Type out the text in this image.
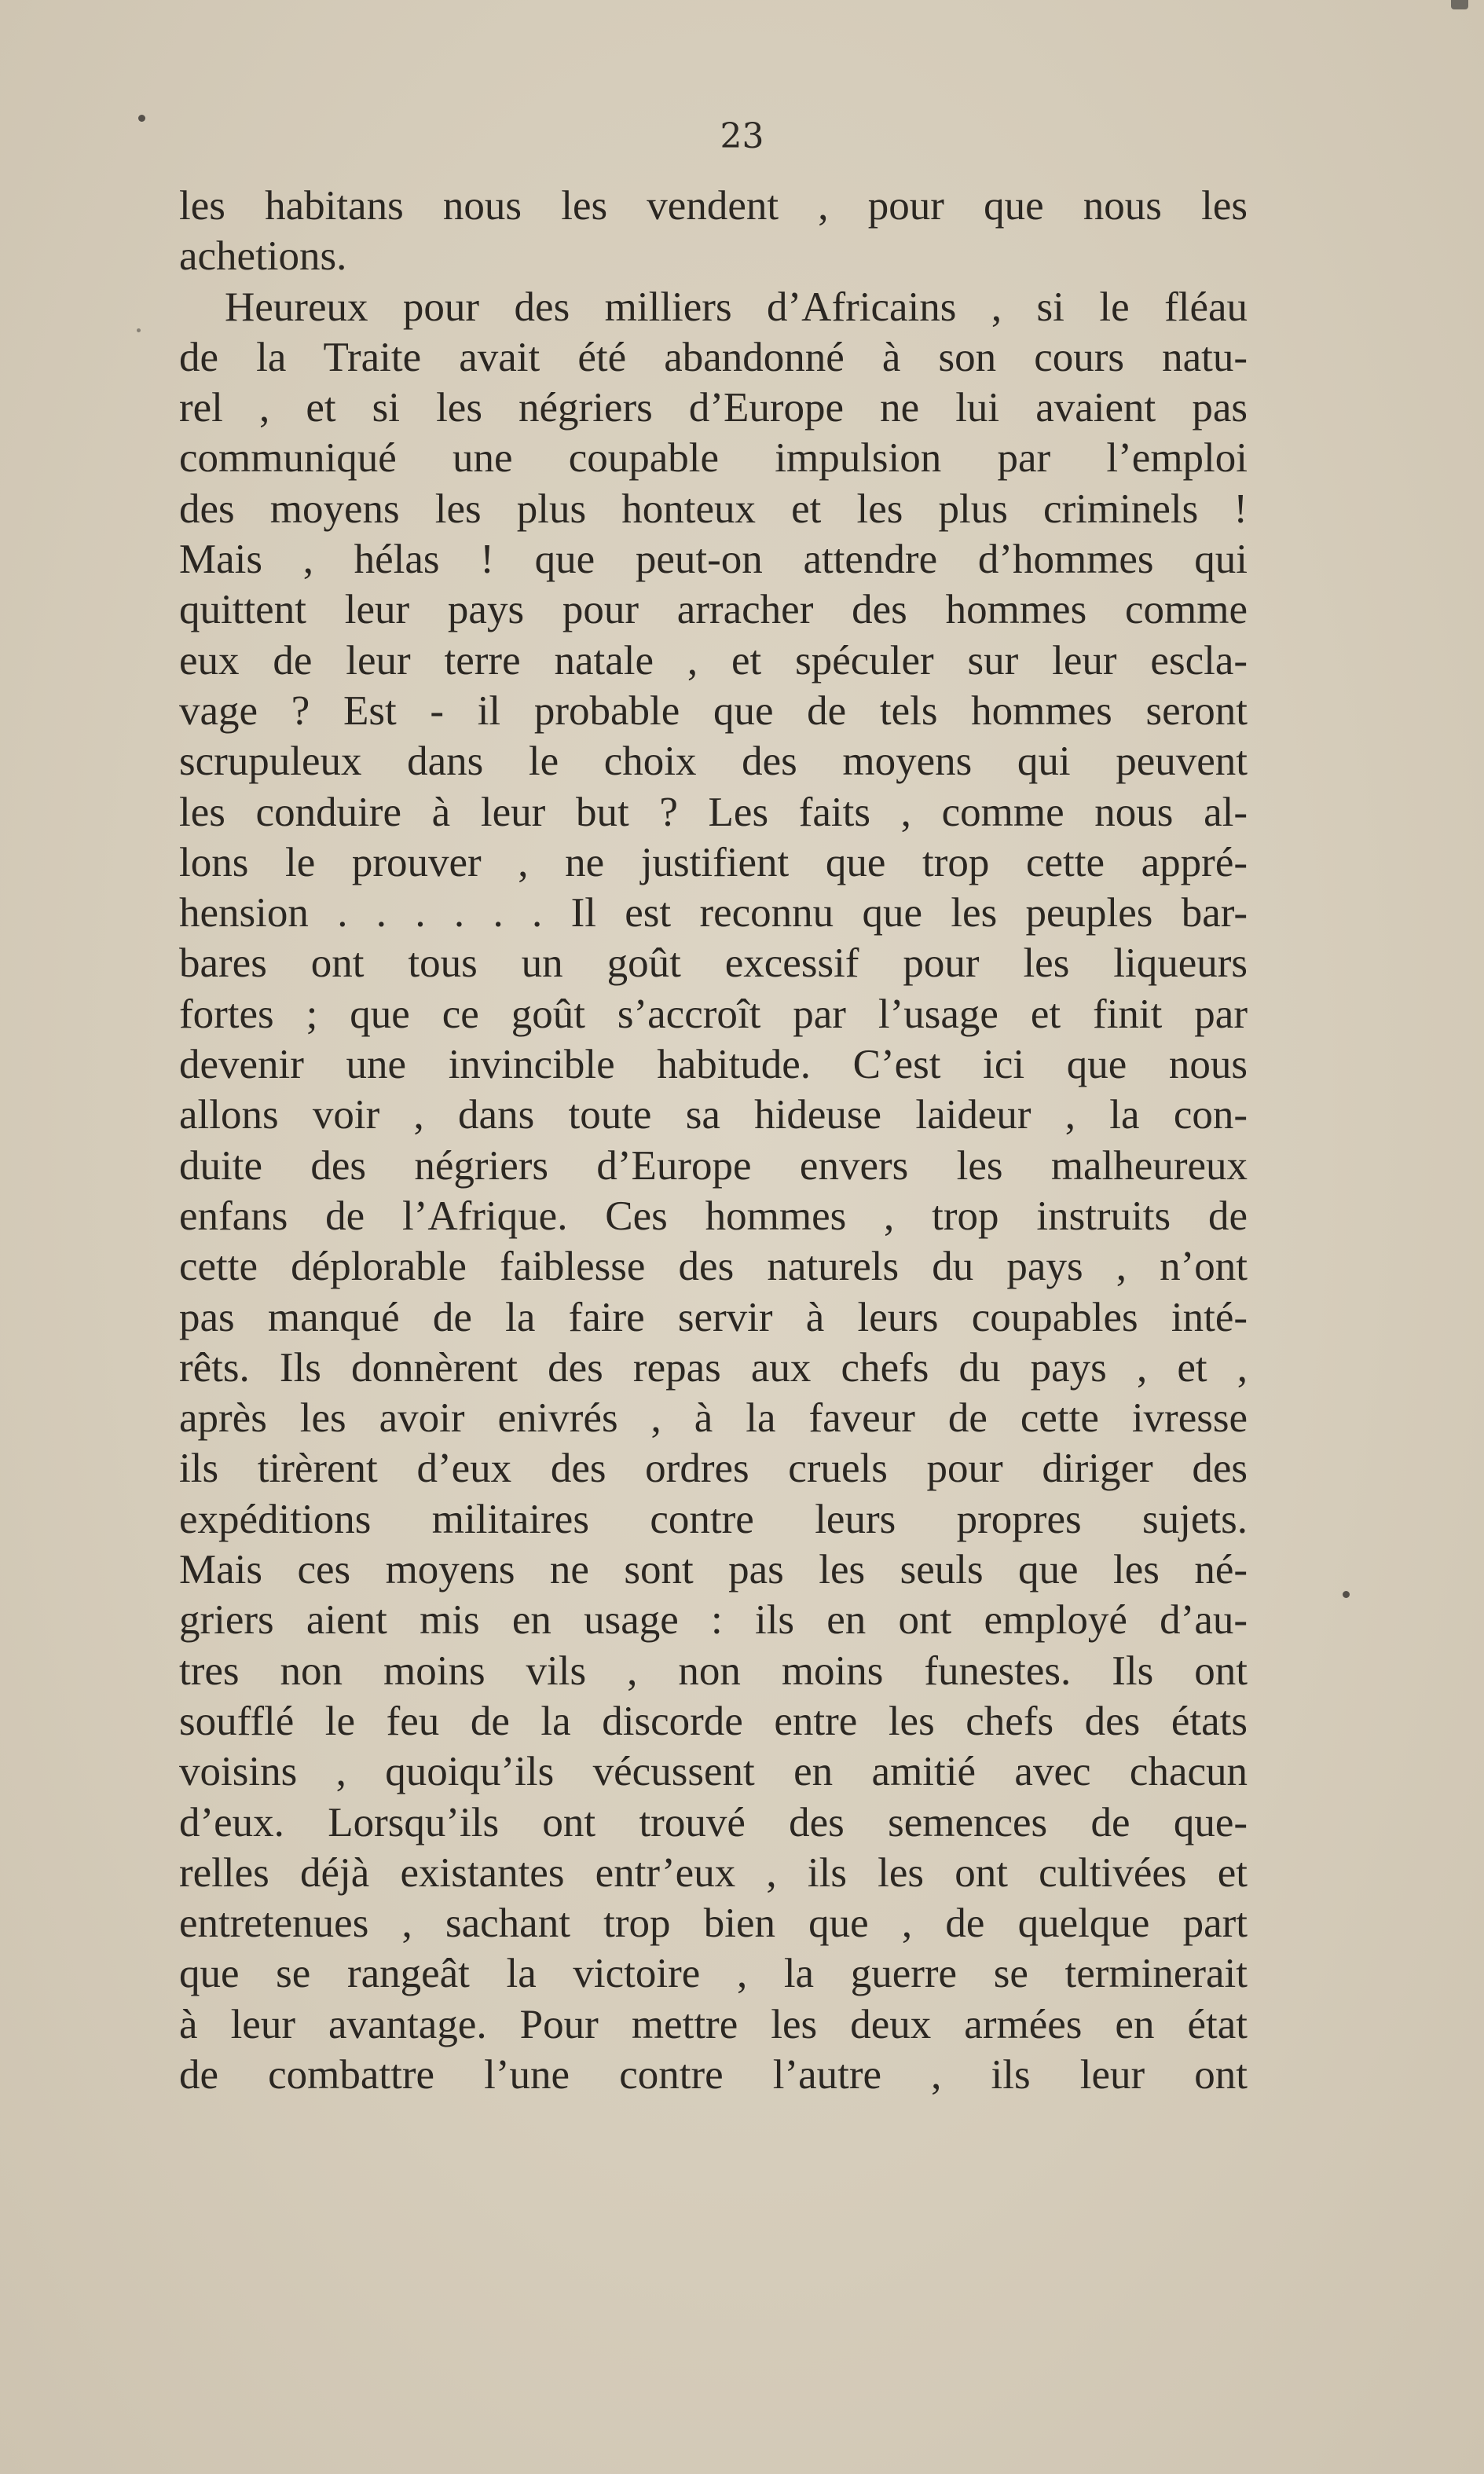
23

les habitans nous les vendent , pour que nous les
achetions.
Heureux pour des milliers d’Africains , si le fléau
de la Traite avait été abandonné à son cours natu-
rel , et si les négriers d’Europe ne lui avaient pas
communiqué une coupable impulsion par l’emploi
des moyens les plus honteux et les plus criminels !
Mais , hélas ! que peut-on attendre d’hommes qui
quittent leur pays pour arracher des hommes comme
eux de leur terre natale , et spéculer sur leur escla-
vage ? Est - il probable que de tels hommes seront
scrupuleux dans le choix des moyens qui peuvent
les conduire à leur but ? Les faits , comme nous al-
lons le prouver , ne justifient que trop cette appré-
hension . . . . . . Il est reconnu que les peuples bar-
bares ont tous un goût excessif pour les liqueurs
fortes ; que ce goût s’accroît par l’usage et finit par
devenir une invincible habitude. C’est ici que nous
allons voir , dans toute sa hideuse laideur , la con-
duite des négriers d’Europe envers les malheureux
enfans de l’Afrique. Ces hommes , trop instruits de
cette déplorable faiblesse des naturels du pays , n’ont
pas manqué de la faire servir à leurs coupables inté-
rêts. Ils donnèrent des repas aux chefs du pays , et ,
après les avoir enivrés , à la faveur de cette ivresse
ils tirèrent d’eux des ordres cruels pour diriger des
expéditions militaires contre leurs propres sujets.
Mais ces moyens ne sont pas les seuls que les né-
griers aient mis en usage : ils en ont employé d’au-
tres non moins vils , non moins funestes. Ils ont
soufflé le feu de la discorde entre les chefs des états
voisins , quoiqu’ils vécussent en amitié avec chacun
d’eux. Lorsqu’ils ont trouvé des semences de que-
relles déjà existantes entr’eux , ils les ont cultivées et
entretenues , sachant trop bien que , de quelque part
que se rangeât la victoire , la guerre se terminerait
à leur avantage. Pour mettre les deux armées en état
de combattre l’une contre l’autre , ils leur ont
